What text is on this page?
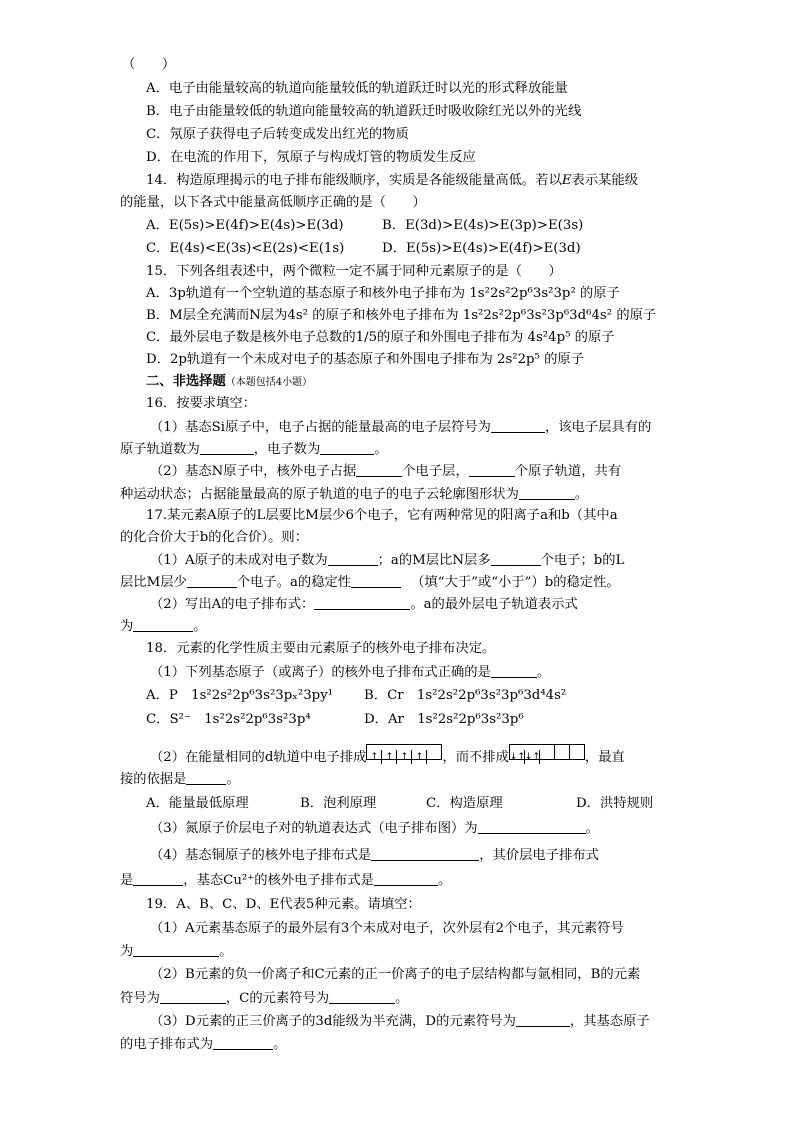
（　　）
A．电子由能量较高的轨道向能量较低的轨道跃迁时以光的形式释放能量
B．电子由能量较低的轨道向能量较高的轨道跃迁时吸收除红光以外的光线
C．氖原子获得电子后转变成发出红光的物质
D．在电流的作用下，氖原子与构成灯管的物质发生反应
14．构造原理揭示的电子排布能级顺序，实质是各能级能量高低。若以E表示某能级
的能量，以下各式中能量高低顺序正确的是（　　）
A．E(5s)>E(4f)>E(4s)>E(3d)	B．E(3d)>E(4s)>E(3p)>E(3s)
C．E(4s)<E(3s)<E(2s)<E(1s)	D．E(5s)>E(4s)>E(4f)>E(3d)
15．下列各组表述中，两个微粒一定不属于同种元素原子的是（　　）
A．3p轨道有一个空轨道的基态原子和核外电子排布为 1s²2s²2p⁶3s²3p² 的原子
B．M层全充满而N层为4s² 的原子和核外电子排布为 1s²2s²2p⁶3s²3p⁶3d⁶4s² 的原子
C．最外层电子数是核外电子总数的1/5的原子和外围电子排布为 4s²4p⁵ 的原子
D．2p轨道有一个未成对电子的基态原子和外围电子排布为 2s²2p⁵ 的原子
二、非选择题（本题包括4小题）
16．按要求填空：
（1）基态Si原子中，电子占据的能量最高的电子层符号为	，该电子层具有的
原子轨道数为	，电子数为	。
（2）基态N原子中，核外电子占据	个电子层，	个原子轨道，共有
种运动状态；占据能量最高的原子轨道的电子的电子云轮廓图形状为	。
17.某元素A原子的L层要比M层少6个电子，它有两种常见的阳离子a和b（其中a
的化合价大于b的化合价）。则：
（1）A原子的未成对电子数为	；a的M层比N层多	个电子；b的L
层比M层少	个电子。a的稳定性	（填“大于”或“小于”）b的稳定性。
（2）写出A的电子排布式：	。a的最外层电子轨道表示式
为	。
18．元素的化学性质主要由元素原子的核外电子排布决定。
（1）下列基态原子（或离子）的核外电子排布式正确的是	。
A．P　1s²2s²2p⁶3s²3pₓ²3py¹ B．Cr　1s²2s²2p⁶3s²3p⁶3d⁴4s²
C．S²⁻　1s²2s²2p⁶3s²3p⁴	D．Ar　1s²2s²2p⁶3s²3p⁶
（2）在能量相同的d轨道中电子排成 ↑ ↑ ↑ ↑ ，而不排成↓↑↓↑	，最直
接的依据是	。
A．能量最低原理	B．泡利原理	C．构造原理	D．洪特规则
（3）氮原子价层电子对的轨道表达式（电子排布图）为	。
（4）基态铜原子的核外电子排布式是	，其价层电子排布式
是	，基态Cu²⁺的核外电子排布式是	。
19．A、B、C、D、E代表5种元素。请填空：
（1）A元素基态原子的最外层有3个未成对电子，次外层有2个电子，其元素符号
为	。
（2）B元素的负一价离子和C元素的正一价离子的电子层结构都与氩相同，B的元素
符号为	，C的元素符号为	。
（3）D元素的正三价离子的3d能级为半充满，D的元素符号为	，其基态原子
的电子排布式为	。
